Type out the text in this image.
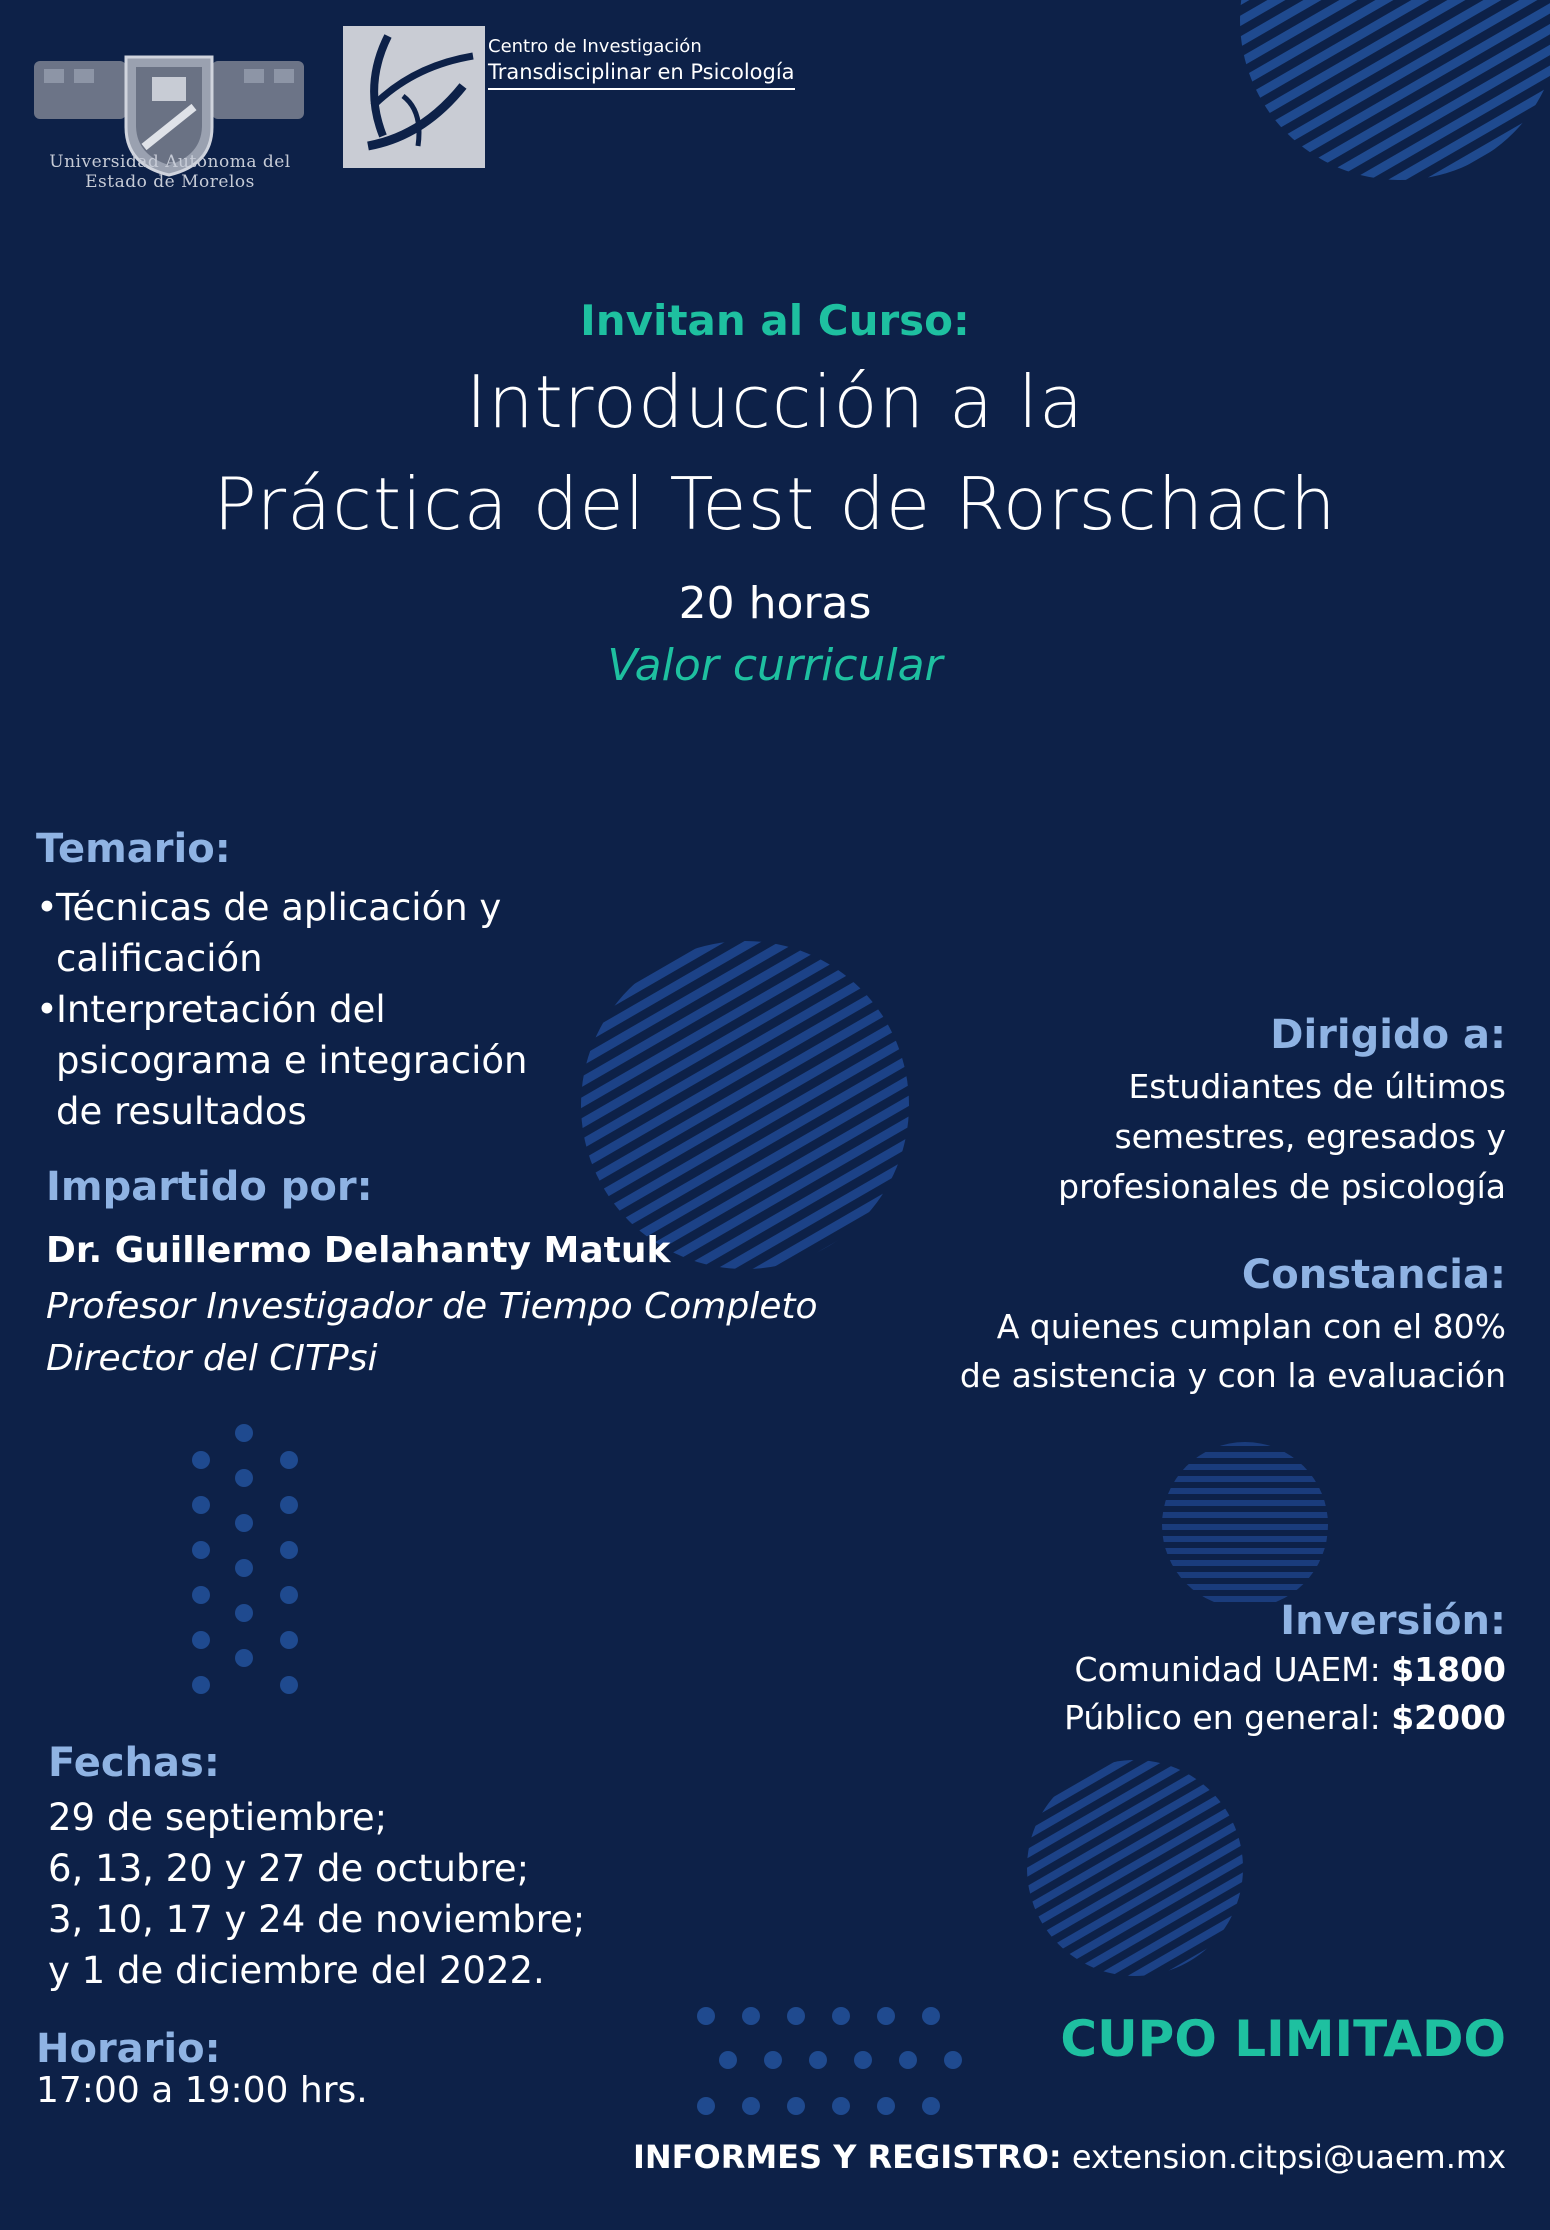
Universidad Autónoma del
Estado de Morelos
Centro de Investigación
Transdisciplinar en Psicología
Invitan al Curso:
Introducción a la
Práctica del Test de Rorschach
20 horas
Valor curricular
Temario:
•
Técnicas de aplicación y calificación
•
Interpretación del psicograma e integración de resultados
Impartido por:
Dr. Guillermo Delahanty Matuk
Profesor Investigador de Tiempo Completo
Director del CITPsi
Dirigido a:
Estudiantes de últimos semestres, egresados y profesionales de psicología
Constancia:
A quienes cumplan con el 80% de asistencia y con la evaluación
Inversión:
Comunidad UAEM: $1800
Público en general: $2000
Fechas:
29 de septiembre;
6, 13, 20 y 27 de octubre;
3, 10, 17 y 24 de noviembre;
y 1 de diciembre del 2022.
Horario:
17:00 a 19:00 hrs.
CUPO LIMITADO
INFORMES Y REGISTRO: extension.citpsi@uaem.mx
